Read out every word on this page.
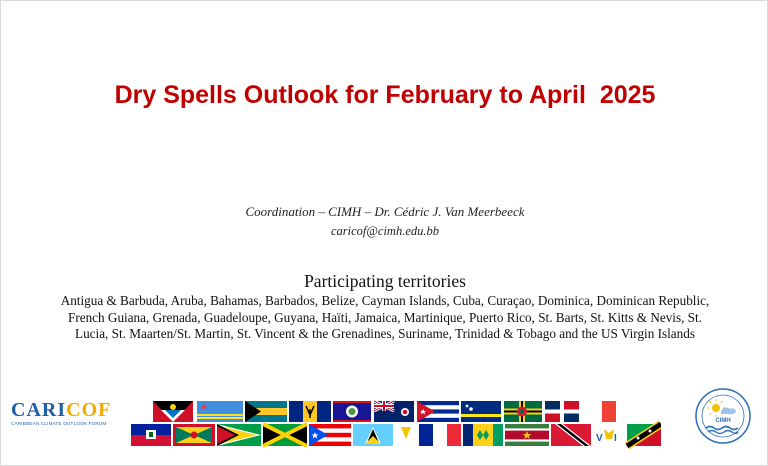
Dry Spells Outlook for February to April  2025
Coordination – CIMH – Dr. Cédric J. Van Meerbeeck
caricof@cimh.edu.bb
Participating territories
Antigua & Barbuda, Aruba, Bahamas, Barbados, Belize, Cayman Islands, Cuba, Curaçao, Dominica, Dominican Republic, French Guiana, Grenada, Guadeloupe, Guyana, Haïti, Jamaica, Martinique, Puerto Rico, St. Barts, St. Kitts & Nevis, St. Lucia, St. Maarten/St. Martin, St. Vincent & the Grenadines, Suriname, Trinidad & Tobago and the US Virgin Islands
CARICOF
CARIBBEAN CLIMATE OUTLOOK FORUM
V I
CIMH
